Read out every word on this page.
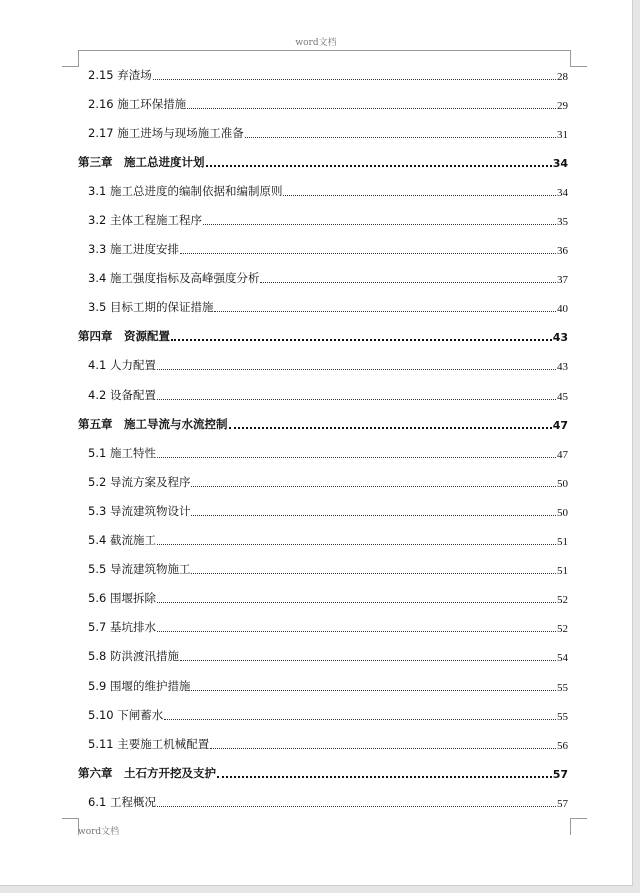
word文档
2.15 弃渣场	28
2.16 施工环保措施	29
2.17 施工进场与现场施工准备	31
第三章　施工总进度计划	34
3.1 施工总进度的编制依据和编制原则	34
3.2 主体工程施工程序	35
3.3 施工进度安排	36
3.4 施工强度指标及高峰强度分析	37
3.5 目标工期的保证措施	40
第四章　资源配置	43
4.1 人力配置	43
4.2 设备配置	45
第五章　施工导流与水流控制	47
5.1 施工特性	47
5.2 导流方案及程序	50
5.3 导流建筑物设计	50
5.4 截流施工	51
5.5 导流建筑物施工	51
5.6 围堰拆除	52
5.7 基坑排水	52
5.8 防洪渡汛措施	54
5.9 围堰的维护措施	55
5.10 下闸蓄水	55
5.11 主要施工机械配置	56
第六章　土石方开挖及支护	57
6.1 工程概况	57
word文档
